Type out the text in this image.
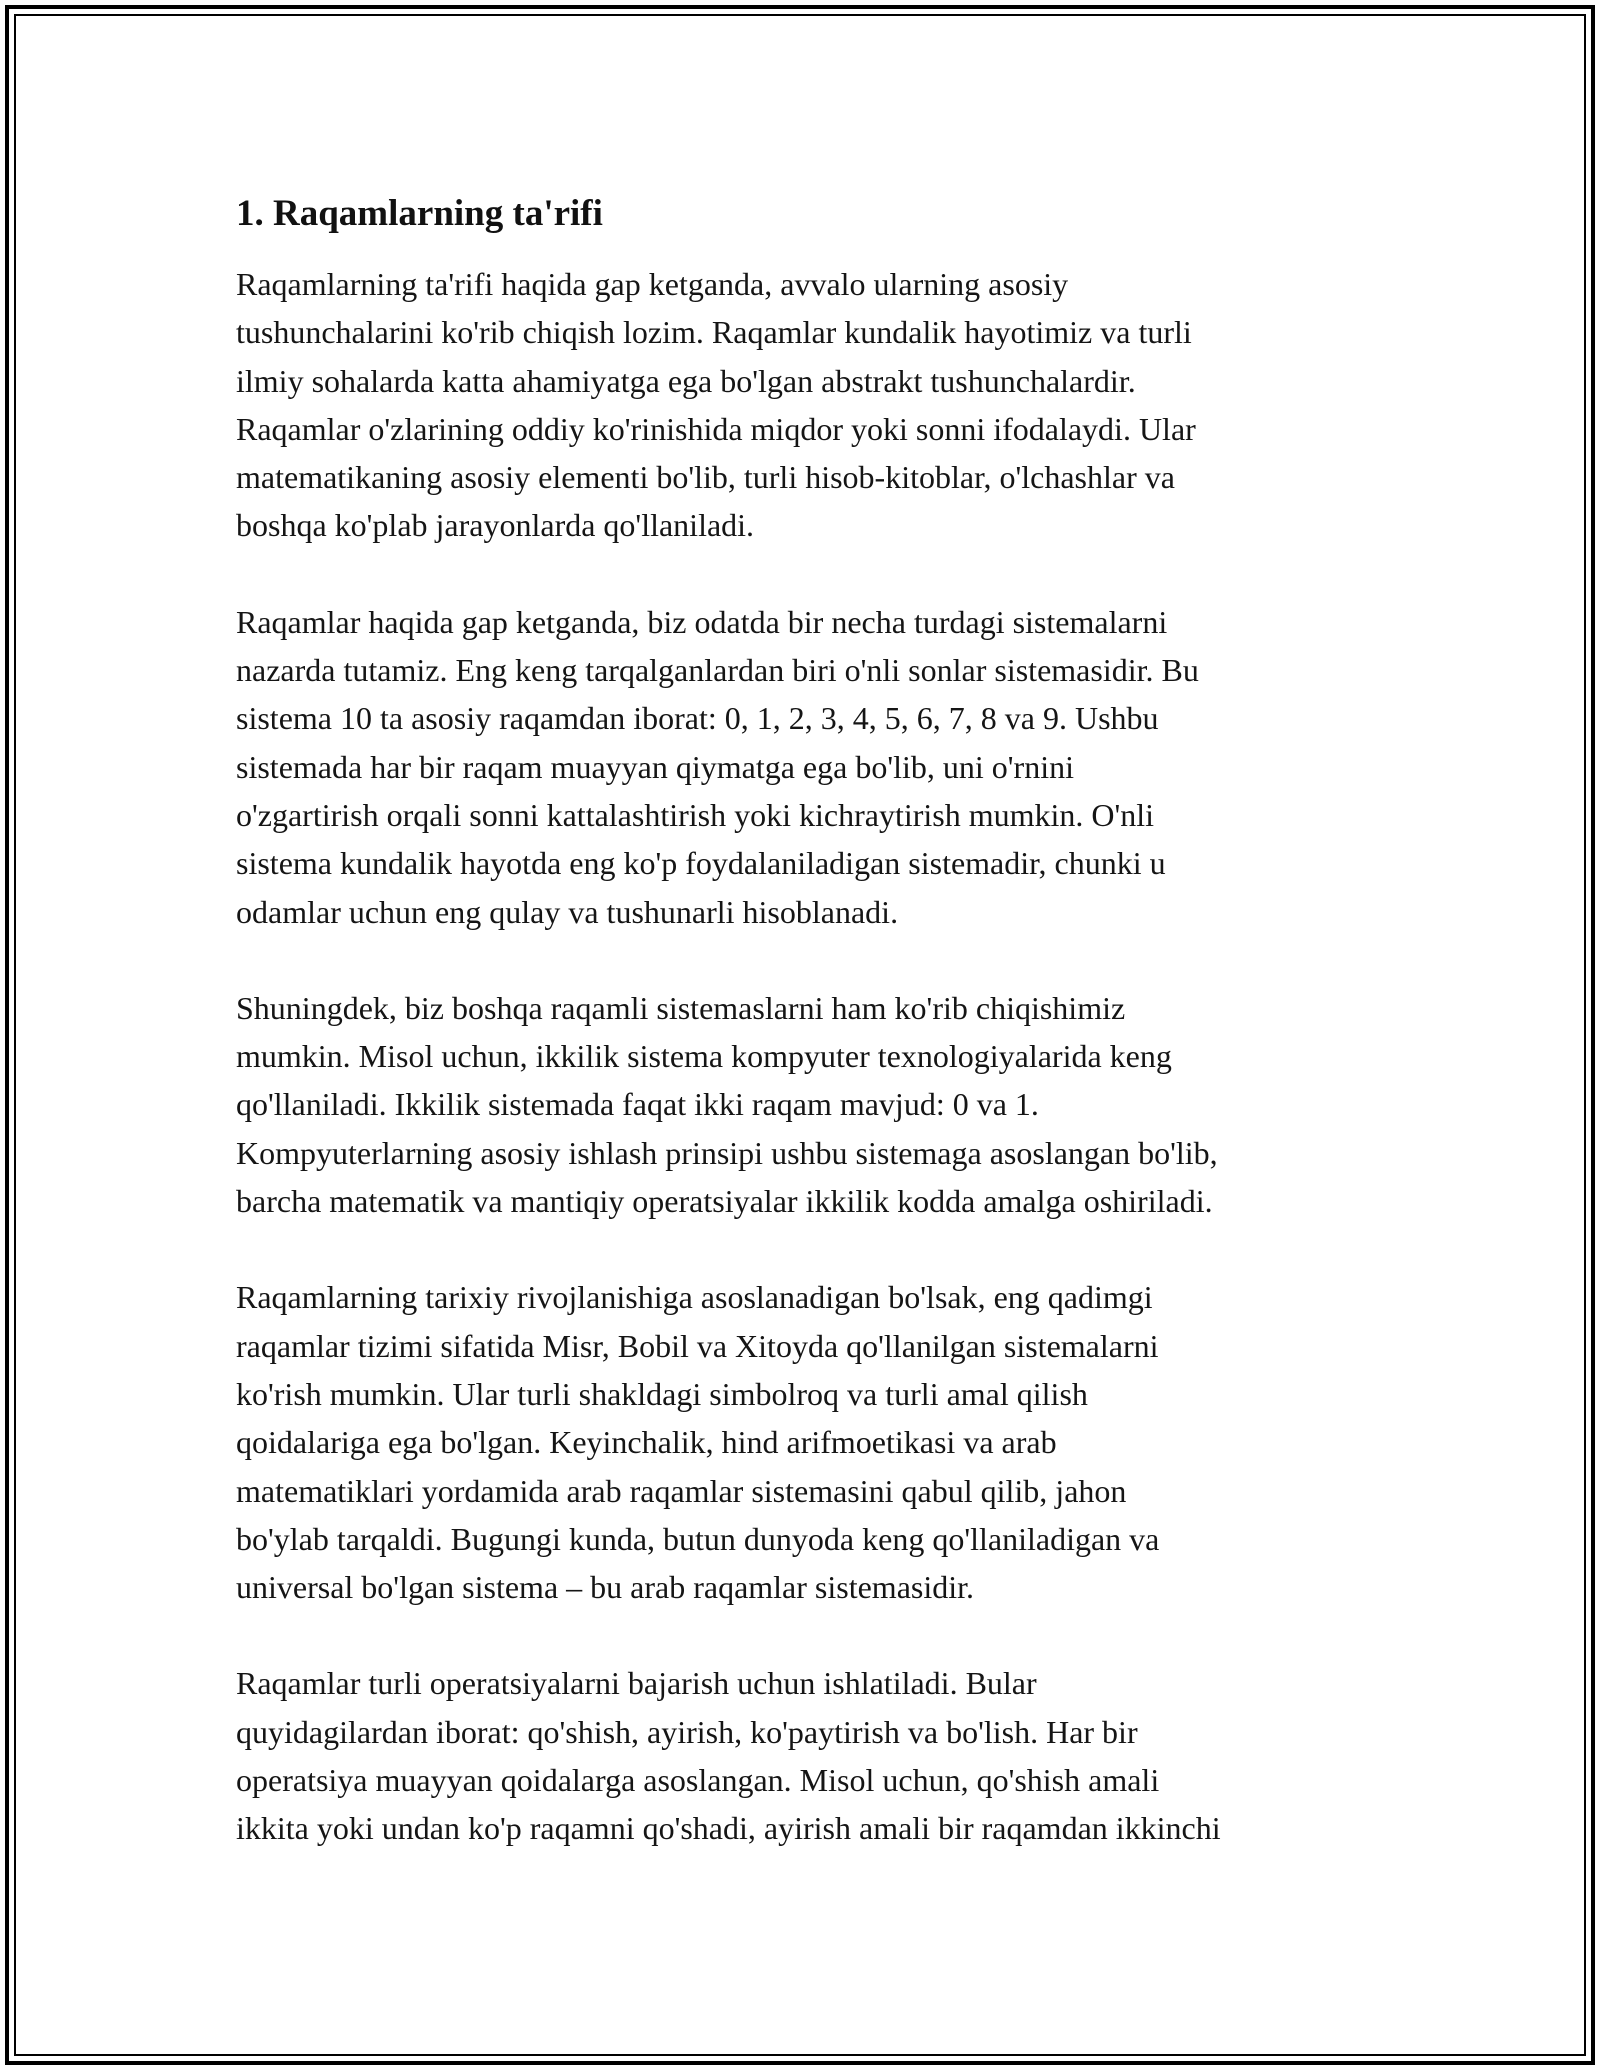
1. Raqamlarning ta'rifi

Raqamlarning ta'rifi haqida gap ketganda, avvalo ularning asosiy
tushunchalarini ko'rib chiqish lozim. Raqamlar kundalik hayotimiz va turli
ilmiy sohalarda katta ahamiyatga ega bo'lgan abstrakt tushunchalardir.
Raqamlar o'zlarining oddiy ko'rinishida miqdor yoki sonni ifodalaydi. Ular
matematikaning asosiy elementi bo'lib, turli hisob-kitoblar, o'lchashlar va
boshqa ko'plab jarayonlarda qo'llaniladi.

Raqamlar haqida gap ketganda, biz odatda bir necha turdagi sistemalarni
nazarda tutamiz. Eng keng tarqalganlardan biri o'nli sonlar sistemasidir. Bu
sistema 10 ta asosiy raqamdan iborat: 0, 1, 2, 3, 4, 5, 6, 7, 8 va 9. Ushbu
sistemada har bir raqam muayyan qiymatga ega bo'lib, uni o'rnini
o'zgartirish orqali sonni kattalashtirish yoki kichraytirish mumkin. O'nli
sistema kundalik hayotda eng ko'p foydalaniladigan sistemadir, chunki u
odamlar uchun eng qulay va tushunarli hisoblanadi.

Shuningdek, biz boshqa raqamli sistemaslarni ham ko'rib chiqishimiz
mumkin. Misol uchun, ikkilik sistema kompyuter texnologiyalarida keng
qo'llaniladi. Ikkilik sistemada faqat ikki raqam mavjud: 0 va 1.
Kompyuterlarning asosiy ishlash prinsipi ushbu sistemaga asoslangan bo'lib,
barcha matematik va mantiqiy operatsiyalar ikkilik kodda amalga oshiriladi.

Raqamlarning tarixiy rivojlanishiga asoslanadigan bo'lsak, eng qadimgi
raqamlar tizimi sifatida Misr, Bobil va Xitoyda qo'llanilgan sistemalarni
ko'rish mumkin. Ular turli shakldagi simbolroq va turli amal qilish
qoidalariga ega bo'lgan. Keyinchalik, hind arifmoetikasi va arab
matematiklari yordamida arab raqamlar sistemasini qabul qilib, jahon
bo'ylab tarqaldi. Bugungi kunda, butun dunyoda keng qo'llaniladigan va
universal bo'lgan sistema – bu arab raqamlar sistemasidir.

Raqamlar turli operatsiyalarni bajarish uchun ishlatiladi. Bular
quyidagilardan iborat: qo'shish, ayirish, ko'paytirish va bo'lish. Har bir
operatsiya muayyan qoidalarga asoslangan. Misol uchun, qo'shish amali
ikkita yoki undan ko'p raqamni qo'shadi, ayirish amali bir raqamdan ikkinchi
